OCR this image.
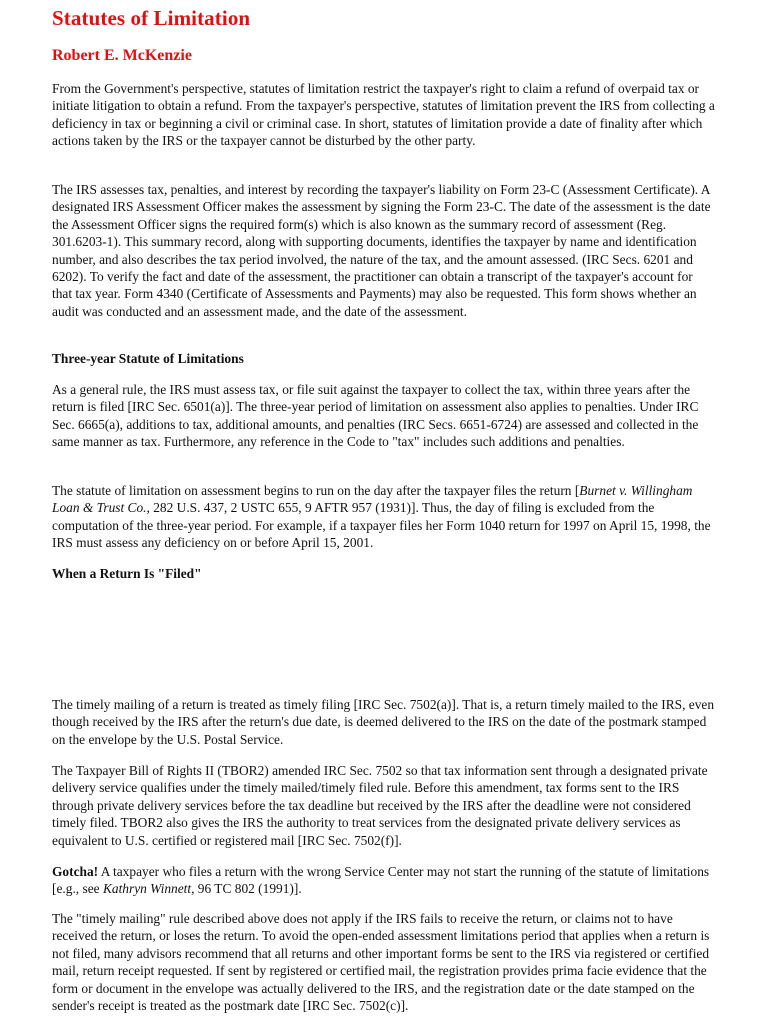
Statutes of Limitation
Robert E. McKenzie

From the Government's perspective, statutes of limitation restrict the taxpayer's right to claim a refund of overpaid tax or initiate litigation to obtain a refund. From the taxpayer's perspective, statutes of limitation prevent the IRS from collecting a deficiency in tax or beginning a civil or criminal case. In short, statutes of limitation provide a date of finality after which actions taken by the IRS or the taxpayer cannot be disturbed by the other party.

The IRS assesses tax, penalties, and interest by recording the taxpayer's liability on Form 23-C (Assessment Certificate). A designated IRS Assessment Officer makes the assessment by signing the Form 23-C. The date of the assessment is the date the Assessment Officer signs the required form(s) which is also known as the summary record of assessment (Reg. 301.6203-1). This summary record, along with supporting documents, identifies the taxpayer by name and identification number, and also describes the tax period involved, the nature of the tax, and the amount assessed. (IRC Secs. 6201 and 6202). To verify the fact and date of the assessment, the practitioner can obtain a transcript of the taxpayer's account for that tax year. Form 4340 (Certificate of Assessments and Payments) may also be requested. This form shows whether an audit was conducted and an assessment made, and the date of the assessment.

Three-year Statute of Limitations

As a general rule, the IRS must assess tax, or file suit against the taxpayer to collect the tax, within three years after the return is filed [IRC Sec. 6501(a)]. The three-year period of limitation on assessment also applies to penalties. Under IRC Sec. 6665(a), additions to tax, additional amounts, and penalties (IRC Secs. 6651-6724) are assessed and collected in the same manner as tax. Furthermore, any reference in the Code to "tax" includes such additions and penalties.

The statute of limitation on assessment begins to run on the day after the taxpayer files the return [Burnet v. Willingham Loan & Trust Co., 282 U.S. 437, 2 USTC 655, 9 AFTR 957 (1931)]. Thus, the day of filing is excluded from the computation of the three-year period. For example, if a taxpayer files her Form 1040 return for 1997 on April 15, 1998, the IRS must assess any deficiency on or before April 15, 2001.

When a Return Is "Filed"

The timely mailing of a return is treated as timely filing [IRC Sec. 7502(a)]. That is, a return timely mailed to the IRS, even though received by the IRS after the return's due date, is deemed delivered to the IRS on the date of the postmark stamped on the envelope by the U.S. Postal Service.

The Taxpayer Bill of Rights II (TBOR2) amended IRC Sec. 7502 so that tax information sent through a designated private delivery service qualifies under the timely mailed/timely filed rule. Before this amendment, tax forms sent to the IRS through private delivery services before the tax deadline but received by the IRS after the deadline were not considered timely filed. TBOR2 also gives the IRS the authority to treat services from the designated private delivery services as equivalent to U.S. certified or registered mail [IRC Sec. 7502(f)].

Gotcha! A taxpayer who files a return with the wrong Service Center may not start the running of the statute of limitations [e.g., see Kathryn Winnett, 96 TC 802 (1991)].

The "timely mailing" rule described above does not apply if the IRS fails to receive the return, or claims not to have received the return, or loses the return. To avoid the open-ended assessment limitations period that applies when a return is not filed, many advisors recommend that all returns and other important forms be sent to the IRS via registered or certified mail, return receipt requested. If sent by registered or certified mail, the registration provides prima facie evidence that the form or document in the envelope was actually delivered to the IRS, and the registration date or the date stamped on the sender's receipt is treated as the postmark date [IRC Sec. 7502(c)].
